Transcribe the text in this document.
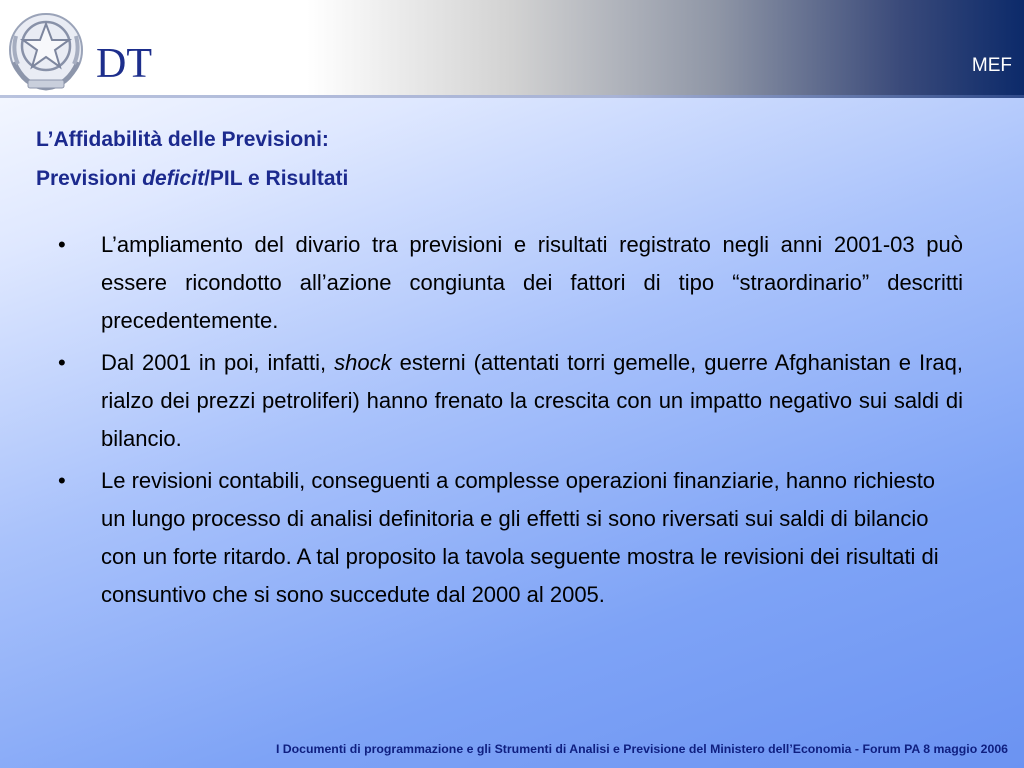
DT	MEF
L’Affidabilità delle Previsioni:
Previsioni deficit/PIL e Risultati
• L’ampliamento del divario tra previsioni e risultati registrato negli anni 2001-03 può essere ricondotto all’azione congiunta dei fattori di tipo “straordinario” descritti precedentemente.
• Dal 2001 in poi, infatti, shock esterni (attentati torri gemelle, guerre Afghanistan e Iraq, rialzo dei prezzi petroliferi) hanno frenato la crescita con un impatto negativo sui saldi di bilancio.
• Le revisioni contabili, conseguenti a complesse operazioni finanziarie, hanno richiesto un lungo processo di analisi definitoria e gli effetti si sono riversati sui saldi di bilancio con un forte ritardo. A tal proposito la tavola seguente mostra le revisioni dei risultati di consuntivo che si sono succedute dal 2000 al 2005.
I Documenti di programmazione e gli Strumenti di Analisi e Previsione del Ministero dell’Economia - Forum PA 8 maggio 2006
